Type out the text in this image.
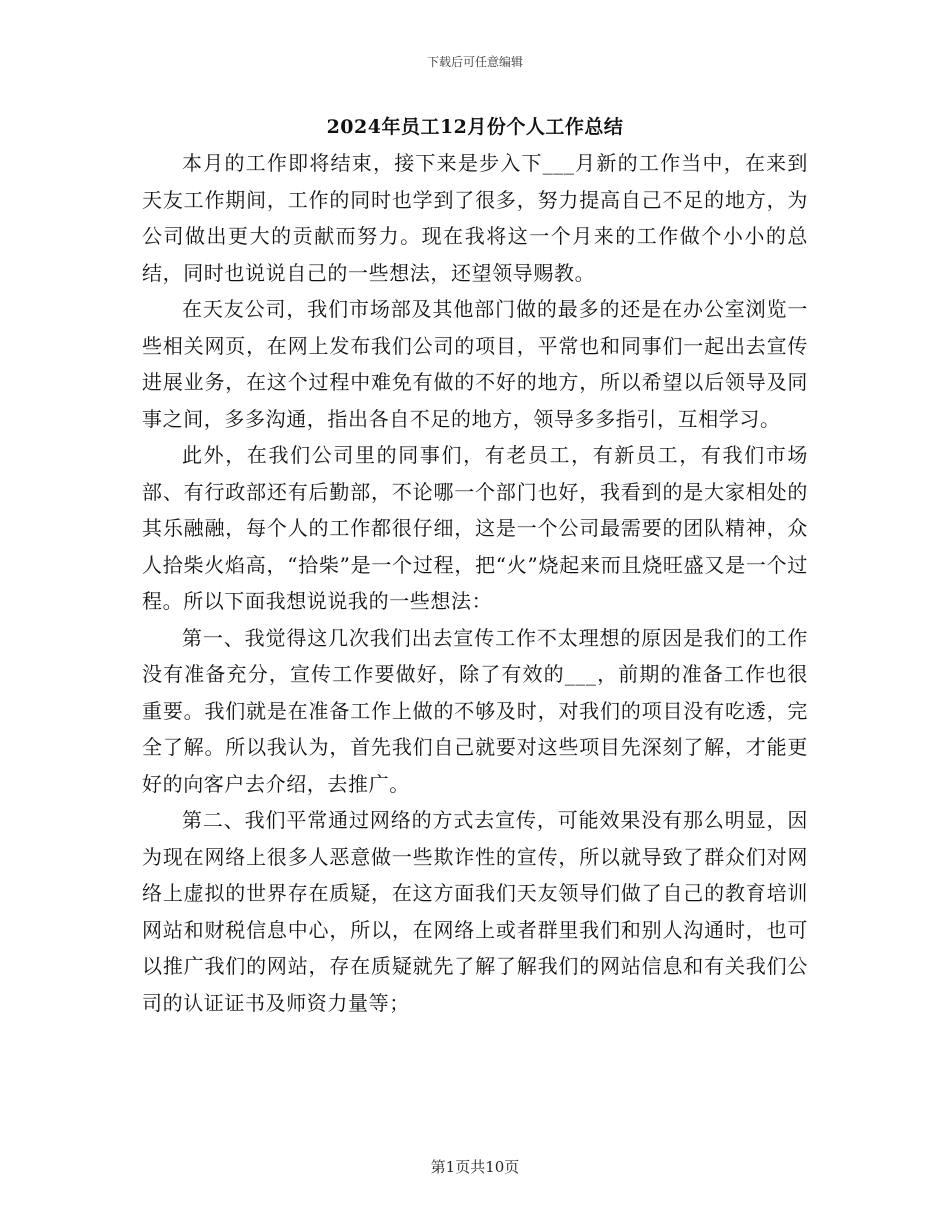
下载后可任意编辑
2024年员工12月份个人工作总结

本月的工作即将结束，接下来是步入下___月新的工作当中，在来到天友工作期间，工作的同时也学到了很多，努力提高自己不足的地方，为公司做出更大的贡献而努力。现在我将这一个月来的工作做个小小的总结，同时也说说自己的一些想法，还望领导赐教。

在天友公司，我们市场部及其他部门做的最多的还是在办公室浏览一些相关网页，在网上发布我们公司的项目，平常也和同事们一起出去宣传进展业务，在这个过程中难免有做的不好的地方，所以希望以后领导及同事之间，多多沟通，指出各自不足的地方，领导多多指引，互相学习。

此外，在我们公司里的同事们，有老员工，有新员工，有我们市场部、有行政部还有后勤部，不论哪一个部门也好，我看到的是大家相处的其乐融融，每个人的工作都很仔细，这是一个公司最需要的团队精神，众人拾柴火焰高，“拾柴”是一个过程，把“火”烧起来而且烧旺盛又是一个过程。所以下面我想说说我的一些想法：

第一、我觉得这几次我们出去宣传工作不太理想的原因是我们的工作没有准备充分，宣传工作要做好，除了有效的___，前期的准备工作也很重要。我们就是在准备工作上做的不够及时，对我们的项目没有吃透，完全了解。所以我认为，首先我们自己就要对这些项目先深刻了解，才能更好的向客户去介绍，去推广。

第二、我们平常通过网络的方式去宣传，可能效果没有那么明显，因为现在网络上很多人恶意做一些欺诈性的宣传，所以就导致了群众们对网络上虚拟的世界存在质疑，在这方面我们天友领导们做了自己的教育培训网站和财税信息中心，所以，在网络上或者群里我们和别人沟通时，也可以推广我们的网站，存在质疑就先了解了解我们的网站信息和有关我们公司的认证证书及师资力量等；

第1页共10页
